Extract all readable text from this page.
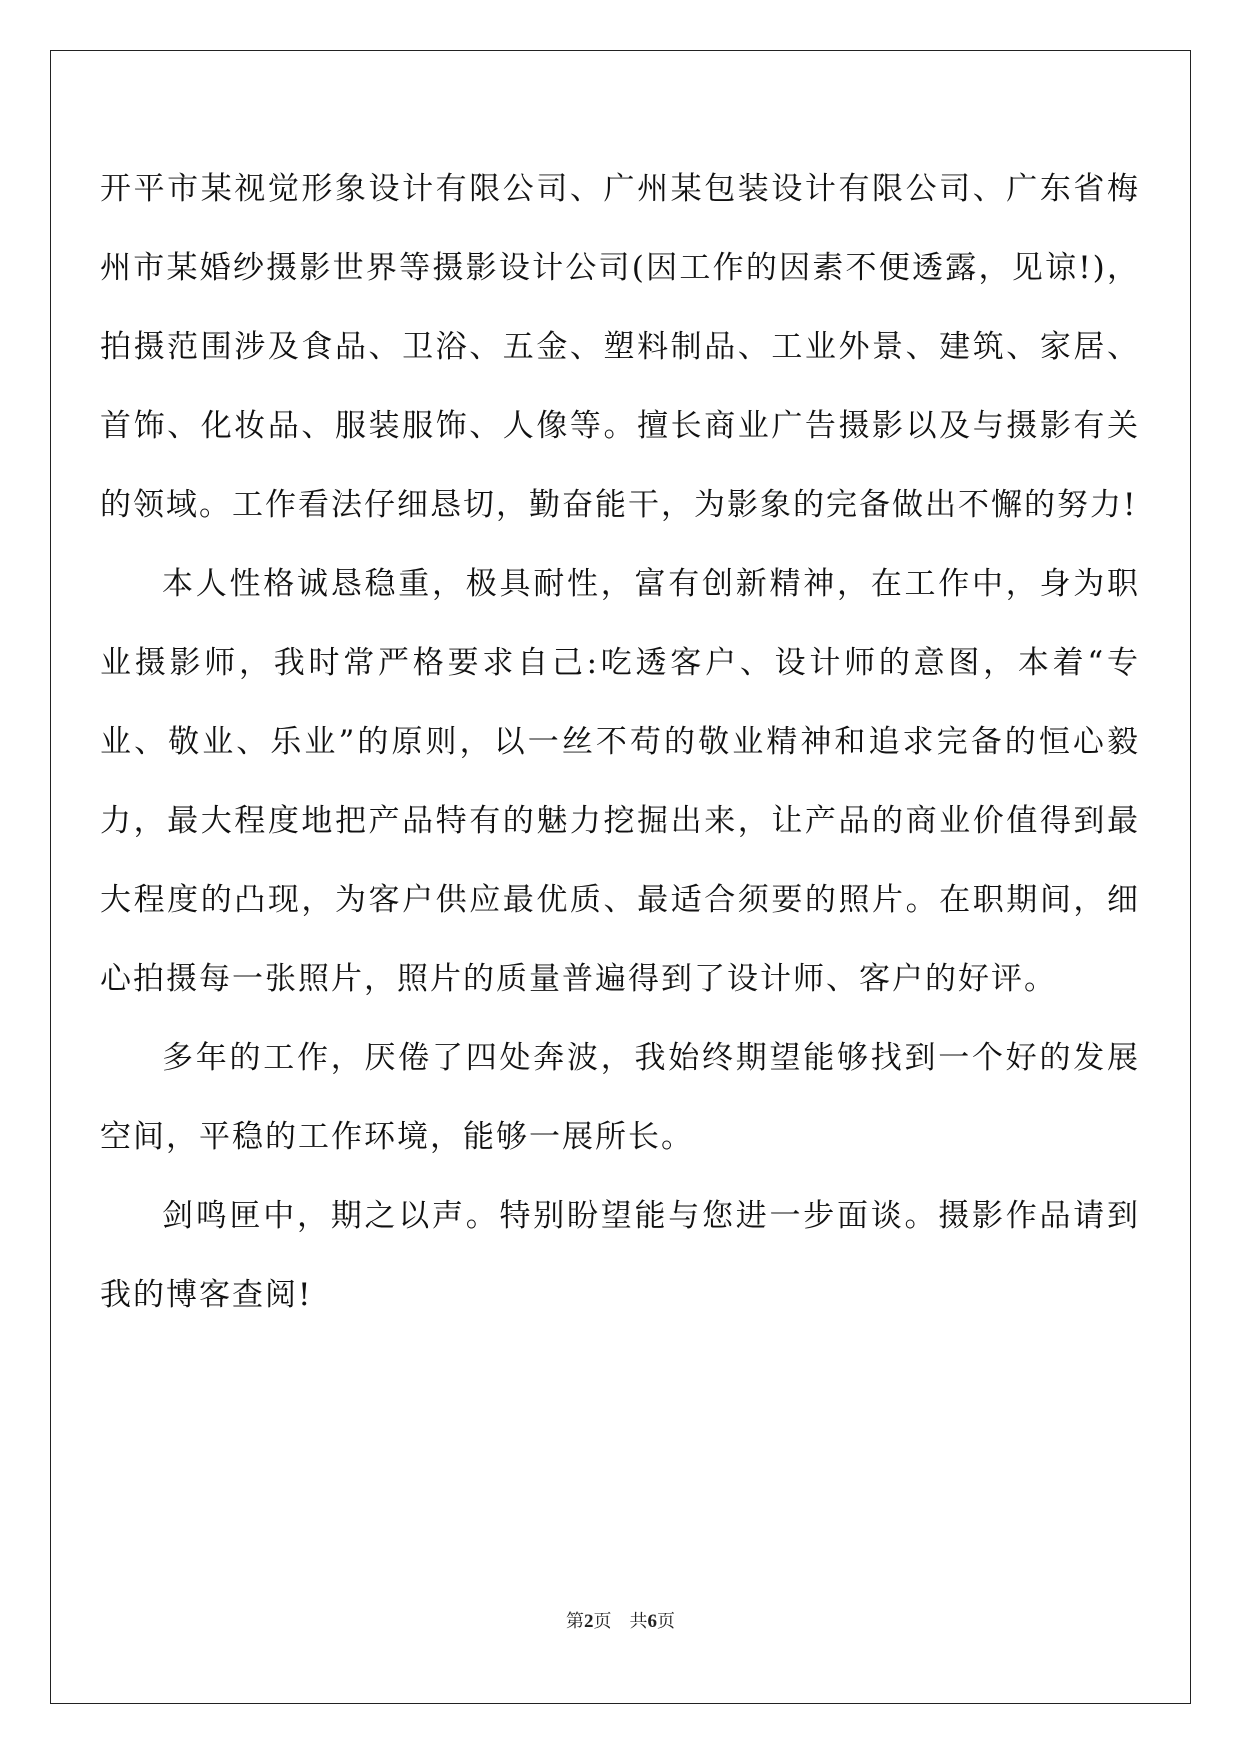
开平市某视觉形象设计有限公司、广州某包装设计有限公司、广东省梅州市某婚纱摄影世界等摄影设计公司(因工作的因素不便透露，见谅!)，拍摄范围涉及食品、卫浴、五金、塑料制品、工业外景、建筑、家居、首饰、化妆品、服装服饰、人像等。擅长商业广告摄影以及与摄影有关的领域。工作看法仔细恳切，勤奋能干，为影象的完备做出不懈的努力!

本人性格诚恳稳重，极具耐性，富有创新精神，在工作中，身为职业摄影师，我时常严格要求自己:吃透客户、设计师的意图，本着“专业、敬业、乐业”的原则，以一丝不苟的敬业精神和追求完备的恒心毅力，最大程度地把产品特有的魅力挖掘出来，让产品的商业价值得到最大程度的凸现，为客户供应最优质、最适合须要的照片。在职期间，细心拍摄每一张照片，照片的质量普遍得到了设计师、客户的好评。

多年的工作，厌倦了四处奔波，我始终期望能够找到一个好的发展空间，平稳的工作环境，能够一展所长。

剑鸣匣中，期之以声。特别盼望能与您进一步面谈。摄影作品请到我的博客查阅!

第2页　共6页
